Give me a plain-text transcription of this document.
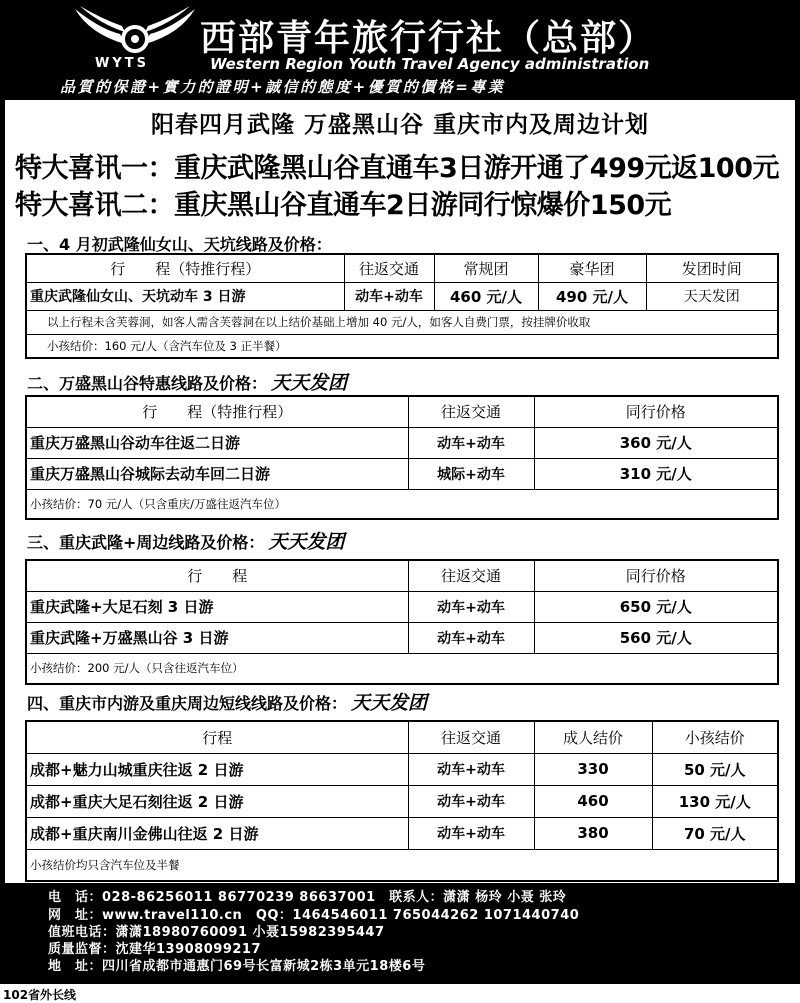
WYTS
西部青年旅行行社（总部）
Western Region Youth Travel Agency administration
品質的保證+實力的證明+誠信的態度+優質的價格=專業
阳春四月武隆 万盛黑山谷 重庆市内及周边计划
特大喜讯一：重庆武隆黑山谷直通车3日游开通了499元返100元
特大喜讯二：重庆黑山谷直通车2日游同行惊爆价150元
一、4 月初武隆仙女山、天坑线路及价格：
行　　程（特推行程）	往返交通	常规团	豪华团	发团时间
重庆武隆仙女山、天坑动车 3 日游	动车+动车	460 元/人	490 元/人	天天发团
以上行程未含芙蓉洞，如客人需含芙蓉洞在以上结价基础上增加 40 元/人，如客人自费门票，按挂牌价收取				
小孩结价：160 元/人（含汽车位及 3 正半餐）				
二、万盛黑山谷特惠线路及价格： 天天发团
行　　程（特推行程）	往返交通	同行价格
重庆万盛黑山谷动车往返二日游	动车+动车	360 元/人
重庆万盛黑山谷城际去动车回二日游	城际+动车	310 元/人
小孩结价：70 元/人（只含重庆/万盛往返汽车位）		
三、重庆武隆+周边线路及价格： 天天发团
行　　程	往返交通	同行价格
重庆武隆+大足石刻 3 日游	动车+动车	650 元/人
重庆武隆+万盛黑山谷 3 日游	动车+动车	560 元/人
小孩结价：200 元/人（只含往返汽车位）		
四、重庆市内游及重庆周边短线线路及价格： 天天发团
行程	往返交通	成人结价	小孩结价
成都+魅力山城重庆往返 2 日游	动车+动车	330	50 元/人
成都+重庆大足石刻往返 2 日游	动车+动车	460	130 元/人
成都+重庆南川金佛山往返 2 日游	动车+动车	380	70 元/人
小孩结价均只含汽车位及半餐			
电　话：028-86256011 86770239 86637001　联系人：潇潇 杨玲 小聂 张玲
网　址：www.travel110.cn　QQ：1464546011 765044262 1071440740
值班电话：潇潇18980760091 小聂15982395447
质量监督：沈建华13908099217
地　址：四川省成都市通惠门69号长富新城2栋3单元18楼6号
102省外长线
